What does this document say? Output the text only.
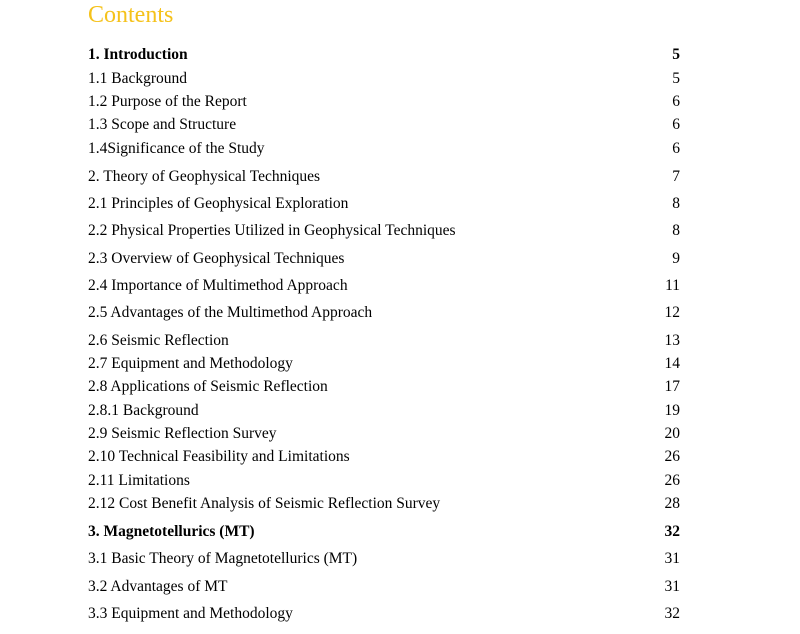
Contents
1. Introduction	5
1.1 Background	5
1.2 Purpose of the Report	6
1.3 Scope and Structure	6
1.4Significance of the Study	6
2. Theory of Geophysical Techniques	7
2.1 Principles of Geophysical Exploration	8
2.2 Physical Properties Utilized in Geophysical Techniques	8
2.3 Overview of Geophysical Techniques	9
2.4 Importance of Multimethod Approach	11
2.5 Advantages of the Multimethod Approach	12
2.6 Seismic Reflection	13
2.7 Equipment and Methodology	14
2.8 Applications of Seismic Reflection	17
2.8.1 Background	19
2.9 Seismic Reflection Survey	20
2.10 Technical Feasibility and Limitations	26
2.11 Limitations	26
2.12 Cost Benefit Analysis of Seismic Reflection Survey	28
3. Magnetotellurics (MT)	32
3.1 Basic Theory of Magnetotellurics (MT)	31
3.2 Advantages of MT	31
3.3 Equipment and Methodology	32
